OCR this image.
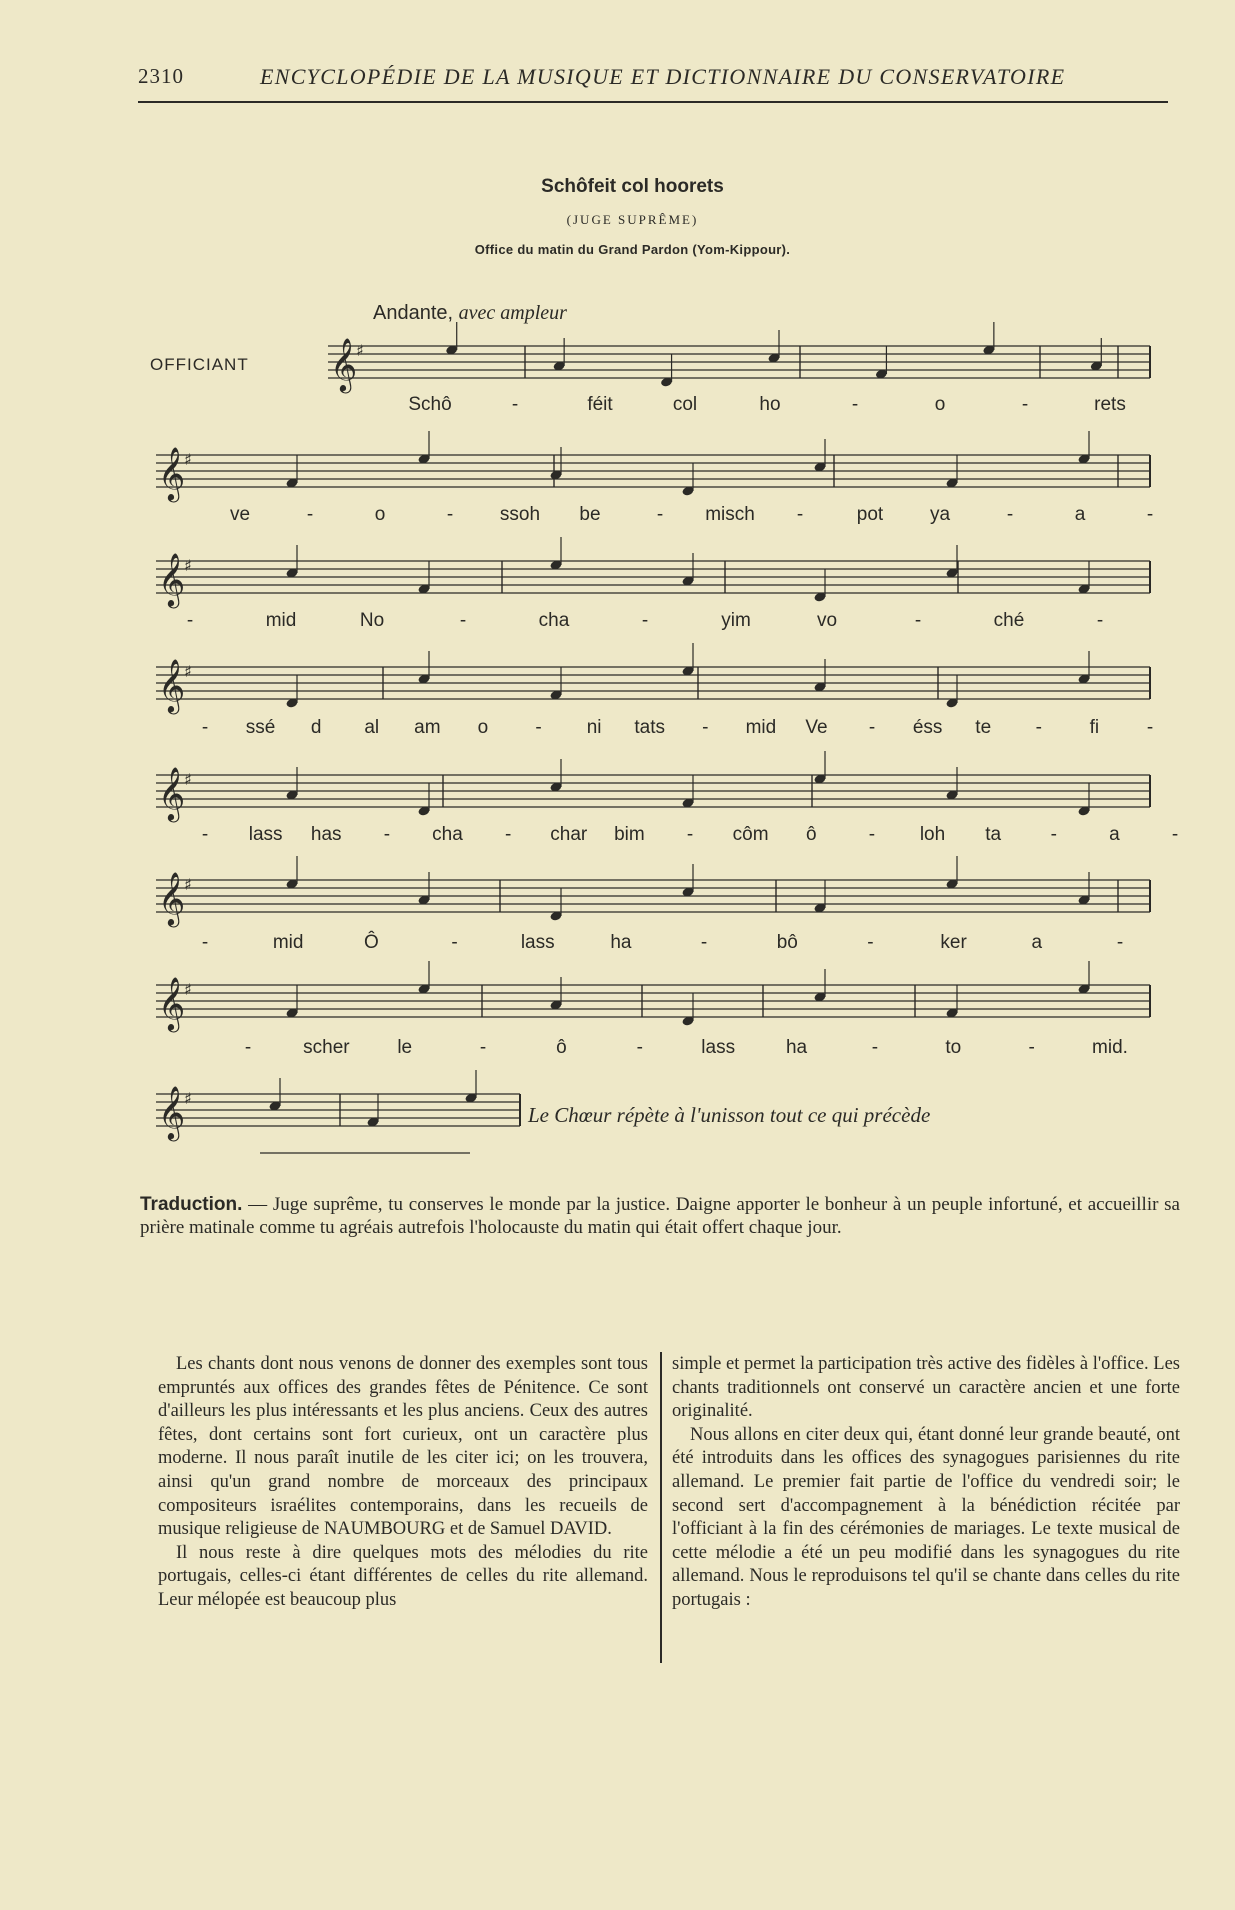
2310	ENCYCLOPÉDIE DE LA MUSIQUE ET DICTIONNAIRE DU CONSERVATOIRE
Schôfeit col hoorets
(JUGE SUPRÊME)
Office du matin du Grand Pardon (Yom-Kippour).
Andante, avec ampleur
OFFICIANT 𝄞
♯
𝄞
♯
𝄞
♯
𝄞
♯
𝄞
♯
𝄞
♯
𝄞
♯
𝄞
♯
Schô	-	féit	col	ho	-	o	-	rets
ve	-	o	- ssoh be	- misch -	pot ya	-	a	-
-	mid	No	-	cha	-	yim	vo	-	ché	-
- ssé d al am o - ni tats - mid Ve - éss te -	fi	-
- lass has - cha - char bim - côm ô	- loh ta	-	a	-
-	mid	Ô	-	lass	ha	-	bô	-	ker	a	-
-	scher	le	-	ô	-	lass	ha	-	to	-	mid.
Le Chœur répète à l'unisson tout ce qui précède
Traduction. — Juge suprême, tu conserves le monde par la justice. Daigne apporter le bonheur à un peuple infortuné, et accueillir sa prière matinale comme tu agréais autrefois l'holocauste du matin qui était offert chaque jour.

Les chants dont nous venons de donner des exemples sont tous empruntés aux offices des grandes fêtes de Pénitence. Ce sont d'ailleurs les plus intéressants et les plus anciens. Ceux des autres fêtes, dont certains sont fort curieux, ont un caractère plus moderne. Il nous paraît inutile de les citer ici; on les trouvera, ainsi qu'un grand nombre de morceaux des principaux compositeurs israélites contemporains, dans les recueils de musique religieuse de NAUMBOURG et de Samuel DAVID.

Il nous reste à dire quelques mots des mélodies du rite portugais, celles-ci étant différentes de celles du rite allemand. Leur mélopée est beaucoup plus

simple et permet la participation très active des fidèles à l'office. Les chants traditionnels ont conservé un caractère ancien et une forte originalité.

Nous allons en citer deux qui, étant donné leur grande beauté, ont été introduits dans les offices des synagogues parisiennes du rite allemand. Le premier fait partie de l'office du vendredi soir; le second sert d'accompagnement à la bénédiction récitée par l'officiant à la fin des cérémonies de mariages. Le texte musical de cette mélodie a été un peu modifié dans les synagogues du rite allemand. Nous le reproduisons tel qu'il se chante dans celles du rite portugais :
